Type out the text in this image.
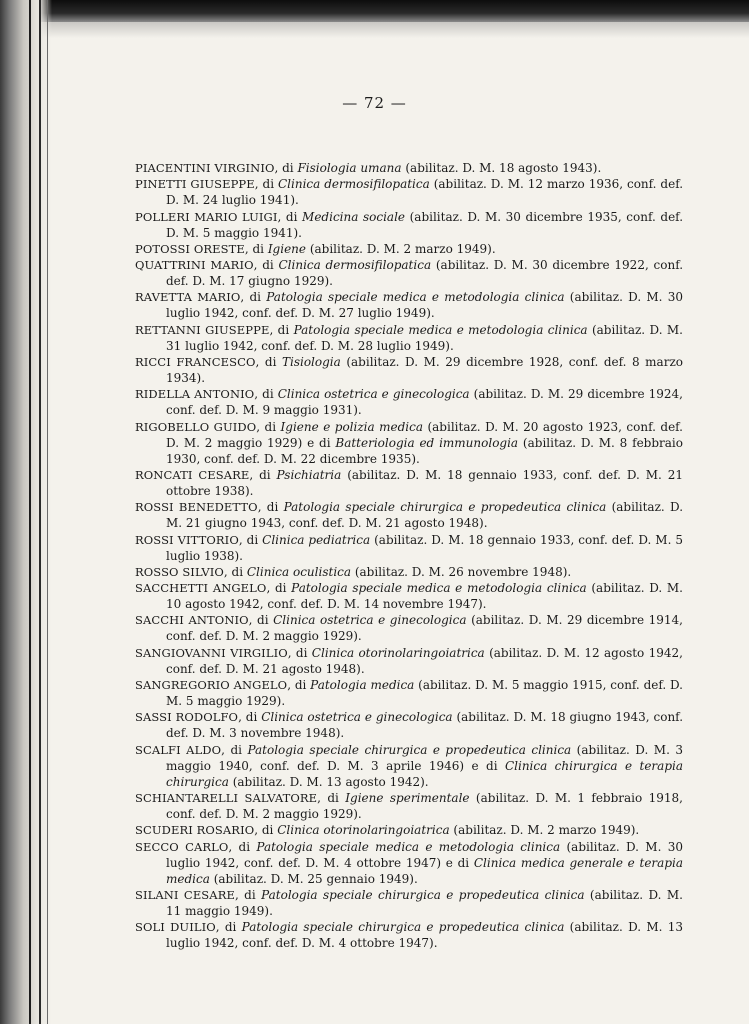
— 72 —

PIACENTINI VIRGINIO, di Fisiologia umana (abilitaz. D. M. 18 agosto 1943).

PINETTI GIUSEPPE, di Clinica dermosifilopatica (abilitaz. D. M. 12 marzo 1936, conf. def. D. M. 24 luglio 1941).

POLLERI MARIO LUIGI, di Medicina sociale (abilitaz. D. M. 30 dicembre 1935, conf. def. D. M. 5 maggio 1941).

POTOSSI ORESTE, di Igiene (abilitaz. D. M. 2 marzo 1949).

QUATTRINI MARIO, di Clinica dermosifilopatica (abilitaz. D. M. 30 dicembre 1922, conf. def. D. M. 17 giugno 1929).

RAVETTA MARIO, di Patologia speciale medica e metodologia clinica (abilitaz. D. M. 30 luglio 1942, conf. def. D. M. 27 luglio 1949).

RETTANNI GIUSEPPE, di Patologia speciale medica e metodologia clinica (abilitaz. D. M. 31 luglio 1942, conf. def. D. M. 28 luglio 1949).

RICCI FRANCESCO, di Tisiologia (abilitaz. D. M. 29 dicembre 1928, conf. def. 8 marzo 1934).

RIDELLA ANTONIO, di Clinica ostetrica e ginecologica (abilitaz. D. M. 29 dicembre 1924, conf. def. D. M. 9 maggio 1931).

RIGOBELLO GUIDO, di Igiene e polizia medica (abilitaz. D. M. 20 agosto 1923, conf. def. D. M. 2 maggio 1929) e di Batteriologia ed immunologia (abilitaz. D. M. 8 febbraio 1930, conf. def. D. M. 22 dicembre 1935).

RONCATI CESARE, di Psichiatria (abilitaz. D. M. 18 gennaio 1933, conf. def. D. M. 21 ottobre 1938).

ROSSI BENEDETTO, di Patologia speciale chirurgica e propedeutica clinica (abilitaz. D. M. 21 giugno 1943, conf. def. D. M. 21 agosto 1948).

ROSSI VITTORIO, di Clinica pediatrica (abilitaz. D. M. 18 gennaio 1933, conf. def. D. M. 5 luglio 1938).

ROSSO SILVIO, di Clinica oculistica (abilitaz. D. M. 26 novembre 1948).

SACCHETTI ANGELO, di Patologia speciale medica e metodologia clinica (abilitaz. D. M. 10 agosto 1942, conf. def. D. M. 14 novembre 1947).

SACCHI ANTONIO, di Clinica ostetrica e ginecologica (abilitaz. D. M. 29 dicembre 1914, conf. def. D. M. 2 maggio 1929).

SANGIOVANNI VIRGILIO, di Clinica otorinolaringoiatrica (abilitaz. D. M. 12 agosto 1942, conf. def. D. M. 21 agosto 1948).

SANGREGORIO ANGELO, di Patologia medica (abilitaz. D. M. 5 maggio 1915, conf. def. D. M. 5 maggio 1929).

SASSI RODOLFO, di Clinica ostetrica e ginecologica (abilitaz. D. M. 18 giugno 1943, conf. def. D. M. 3 novembre 1948).

SCALFI ALDO, di Patologia speciale chirurgica e propedeutica clinica (abilitaz. D. M. 3 maggio 1940, conf. def. D. M. 3 aprile 1946) e di Clinica chirurgica e terapia chirurgica (abilitaz. D. M. 13 agosto 1942).

SCHIANTARELLI SALVATORE, di Igiene sperimentale (abilitaz. D. M. 1 febbraio 1918, conf. def. D. M. 2 maggio 1929).

SCUDERI ROSARIO, di Clinica otorinolaringoiatrica (abilitaz. D. M. 2 marzo 1949).

SECCO CARLO, di Patologia speciale medica e metodologia clinica (abilitaz. D. M. 30 luglio 1942, conf. def. D. M. 4 ottobre 1947) e di Clinica medica generale e terapia medica (abilitaz. D. M. 25 gennaio 1949).

SILANI CESARE, di Patologia speciale chirurgica e propedeutica clinica (abilitaz. D. M. 11 maggio 1949).

SOLI DUILIO, di Patologia speciale chirurgica e propedeutica clinica (abilitaz. D. M. 13 luglio 1942, conf. def. D. M. 4 ottobre 1947).
